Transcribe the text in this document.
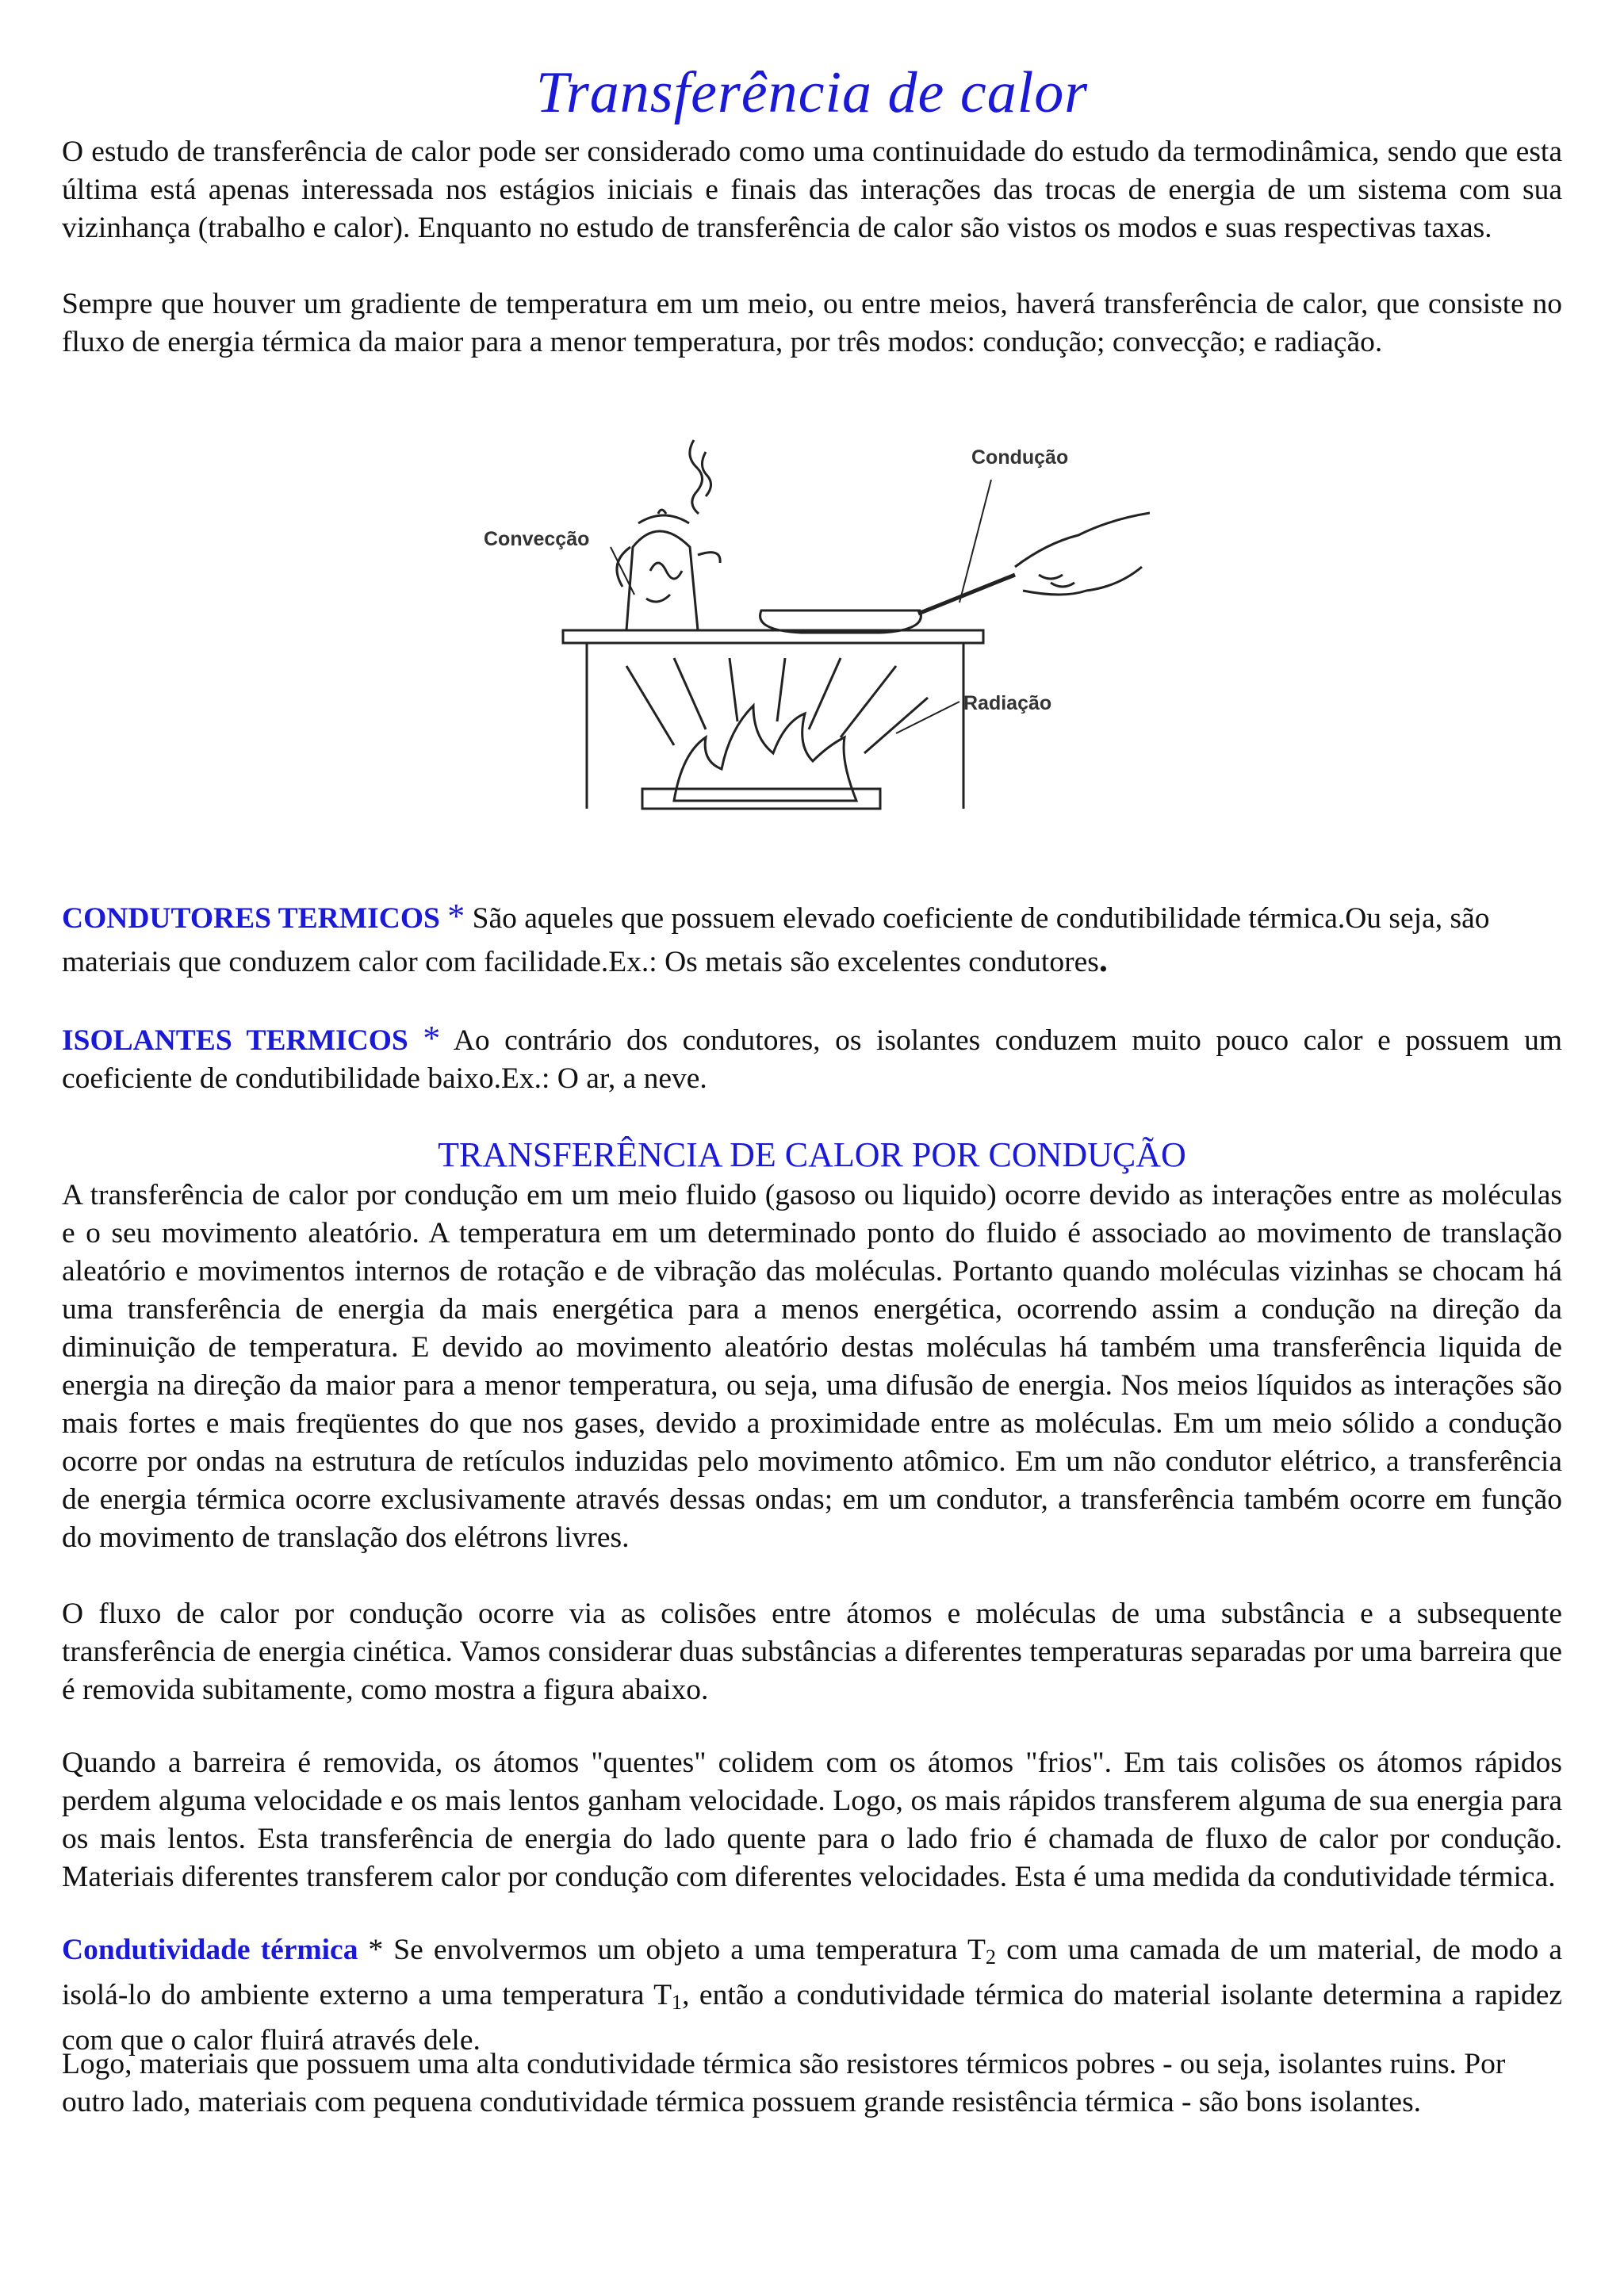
Transferência de calor
O estudo de transferência de calor pode ser considerado como uma continuidade do estudo da termodinâmica, sendo que esta última está apenas interessada nos estágios iniciais e finais das interações das trocas de energia de um sistema com sua vizinhança (trabalho e calor). Enquanto no estudo de transferência de calor são vistos os modos e suas respectivas taxas.
Sempre que houver um gradiente de temperatura em um meio, ou entre meios, haverá transferência de calor, que consiste no fluxo de energia térmica da maior para a menor temperatura, por três modos: condução; convecção; e radiação.
Condução
Convecção
Radiação
CONDUTORES TERMICOS * São aqueles que possuem elevado coeficiente de condutibilidade térmica.Ou seja, são materiais que conduzem calor com facilidade.Ex.: Os metais são excelentes condutores.
ISOLANTES TERMICOS * Ao contrário dos condutores, os isolantes conduzem muito pouco calor e possuem um coeficiente de condutibilidade baixo.Ex.: O ar, a neve.
TRANSFERÊNCIA DE CALOR POR CONDUÇÃO
A transferência de calor por condução em um meio fluido (gasoso ou liquido) ocorre devido as interações entre as moléculas e o seu movimento aleatório. A temperatura em um determinado ponto do fluido é associado ao movimento de translação aleatório e movimentos internos de rotação e de vibração das moléculas. Portanto quando moléculas vizinhas se chocam há uma transferência de energia da mais energética para a menos energética, ocorrendo assim a condução na direção da diminuição de temperatura. E devido ao movimento aleatório destas moléculas há também uma transferência liquida de energia na direção da maior para a menor temperatura, ou seja, uma difusão de energia. Nos meios líquidos as interações são mais fortes e mais freqüentes do que nos gases, devido a proximidade entre as moléculas. Em um meio sólido a condução ocorre por ondas na estrutura de retículos induzidas pelo movimento atômico. Em um não condutor elétrico, a transferência de energia térmica ocorre exclusivamente através dessas ondas; em um condutor, a transferência também ocorre em função do movimento de translação dos elétrons livres.
O fluxo de calor por condução ocorre via as colisões entre átomos e moléculas de uma substância e a subsequente transferência de energia cinética. Vamos considerar duas substâncias a diferentes temperaturas separadas por uma barreira que é removida subitamente, como mostra a figura abaixo.
Quando a barreira é removida, os átomos "quentes" colidem com os átomos "frios". Em tais colisões os átomos rápidos perdem alguma velocidade e os mais lentos ganham velocidade. Logo, os mais rápidos transferem alguma de sua energia para os mais lentos. Esta transferência de energia do lado quente para o lado frio é chamada de fluxo de calor por condução. Materiais diferentes transferem calor por condução com diferentes velocidades. Esta é uma medida da condutividade térmica.
Condutividade térmica * Se envolvermos um objeto a uma temperatura $T_2$ com uma camada de um material, de modo a isolá-lo do ambiente externo a uma temperatura $T_1$, então a condutividade térmica do material isolante determina a rapidez com que o calor fluirá através dele.
Logo, materiais que possuem uma alta condutividade térmica são resistores térmicos pobres - ou seja, isolantes ruins. Por outro lado, materiais com pequena condutividade térmica possuem grande resistência térmica - são bons isolantes.
